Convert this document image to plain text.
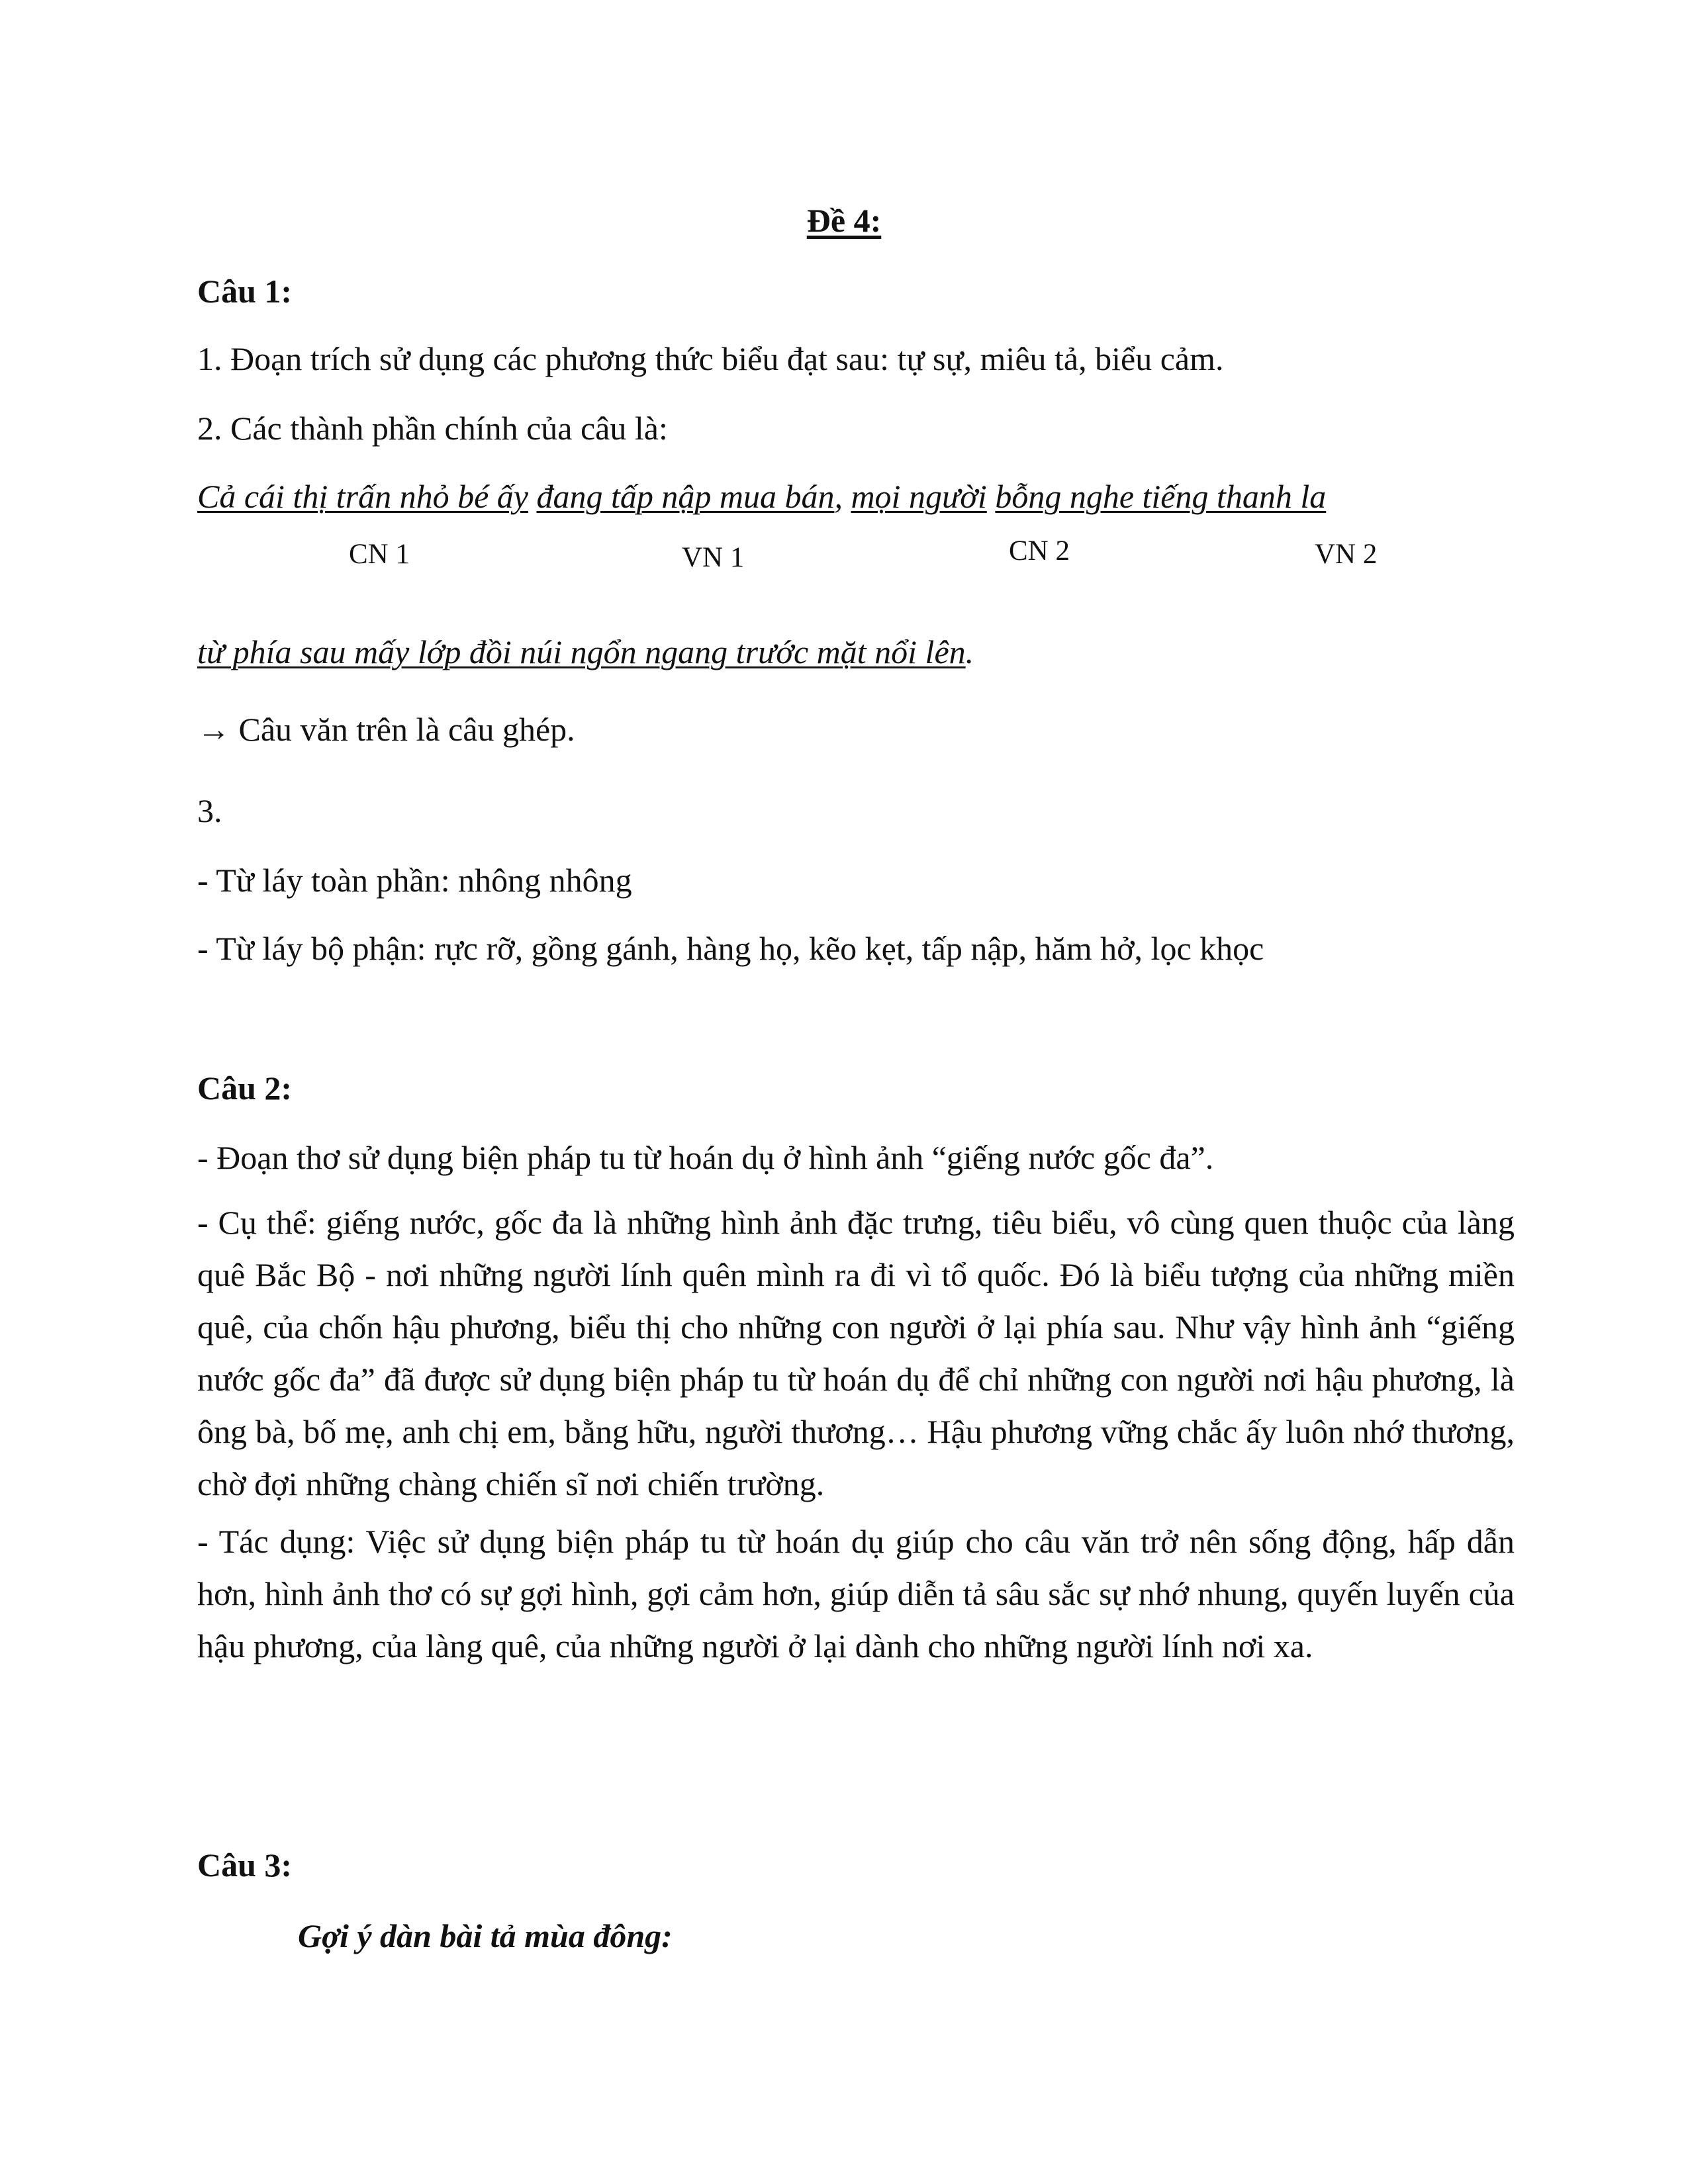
Đề 4:
Câu 1:
1. Đoạn trích sử dụng các phương thức biểu đạt sau: tự sự, miêu tả, biểu cảm.
2. Các thành phần chính của câu là:
Cả cái thị trấn nhỏ bé ấy đang tấp nập mua bán, mọi người bỗng nghe tiếng thanh la
CN 1	VN 1	CN 2	VN 2
từ phía sau mấy lớp đồi núi ngổn ngang trước mặt nổi lên.
→ Câu văn trên là câu ghép.
3.
- Từ láy toàn phần: nhông nhông
- Từ láy bộ phận: rực rỡ, gồng gánh, hàng họ, kẽo kẹt, tấp nập, hăm hở, lọc khọc
Câu 2:
- Đoạn thơ sử dụng biện pháp tu từ hoán dụ ở hình ảnh “giếng nước gốc đa”.
- Cụ thể: giếng nước, gốc đa là những hình ảnh đặc trưng, tiêu biểu, vô cùng quen thuộc của làng quê Bắc Bộ - nơi những người lính quên mình ra đi vì tổ quốc. Đó là biểu tượng của những miền quê, của chốn hậu phương, biểu thị cho những con người ở lại phía sau. Như vậy hình ảnh “giếng nước gốc đa” đã được sử dụng biện pháp tu từ hoán dụ để chỉ những con người nơi hậu phương, là ông bà, bố mẹ, anh chị em, bằng hữu, người thương… Hậu phương vững chắc ấy luôn nhớ thương, chờ đợi những chàng chiến sĩ nơi chiến trường.
- Tác dụng: Việc sử dụng biện pháp tu từ hoán dụ giúp cho câu văn trở nên sống động, hấp dẫn hơn, hình ảnh thơ có sự gợi hình, gợi cảm hơn, giúp diễn tả sâu sắc sự nhớ nhung, quyến luyến của hậu phương, của làng quê, của những người ở lại dành cho những người lính nơi xa.
Câu 3:
Gợi ý dàn bài tả mùa đông:
